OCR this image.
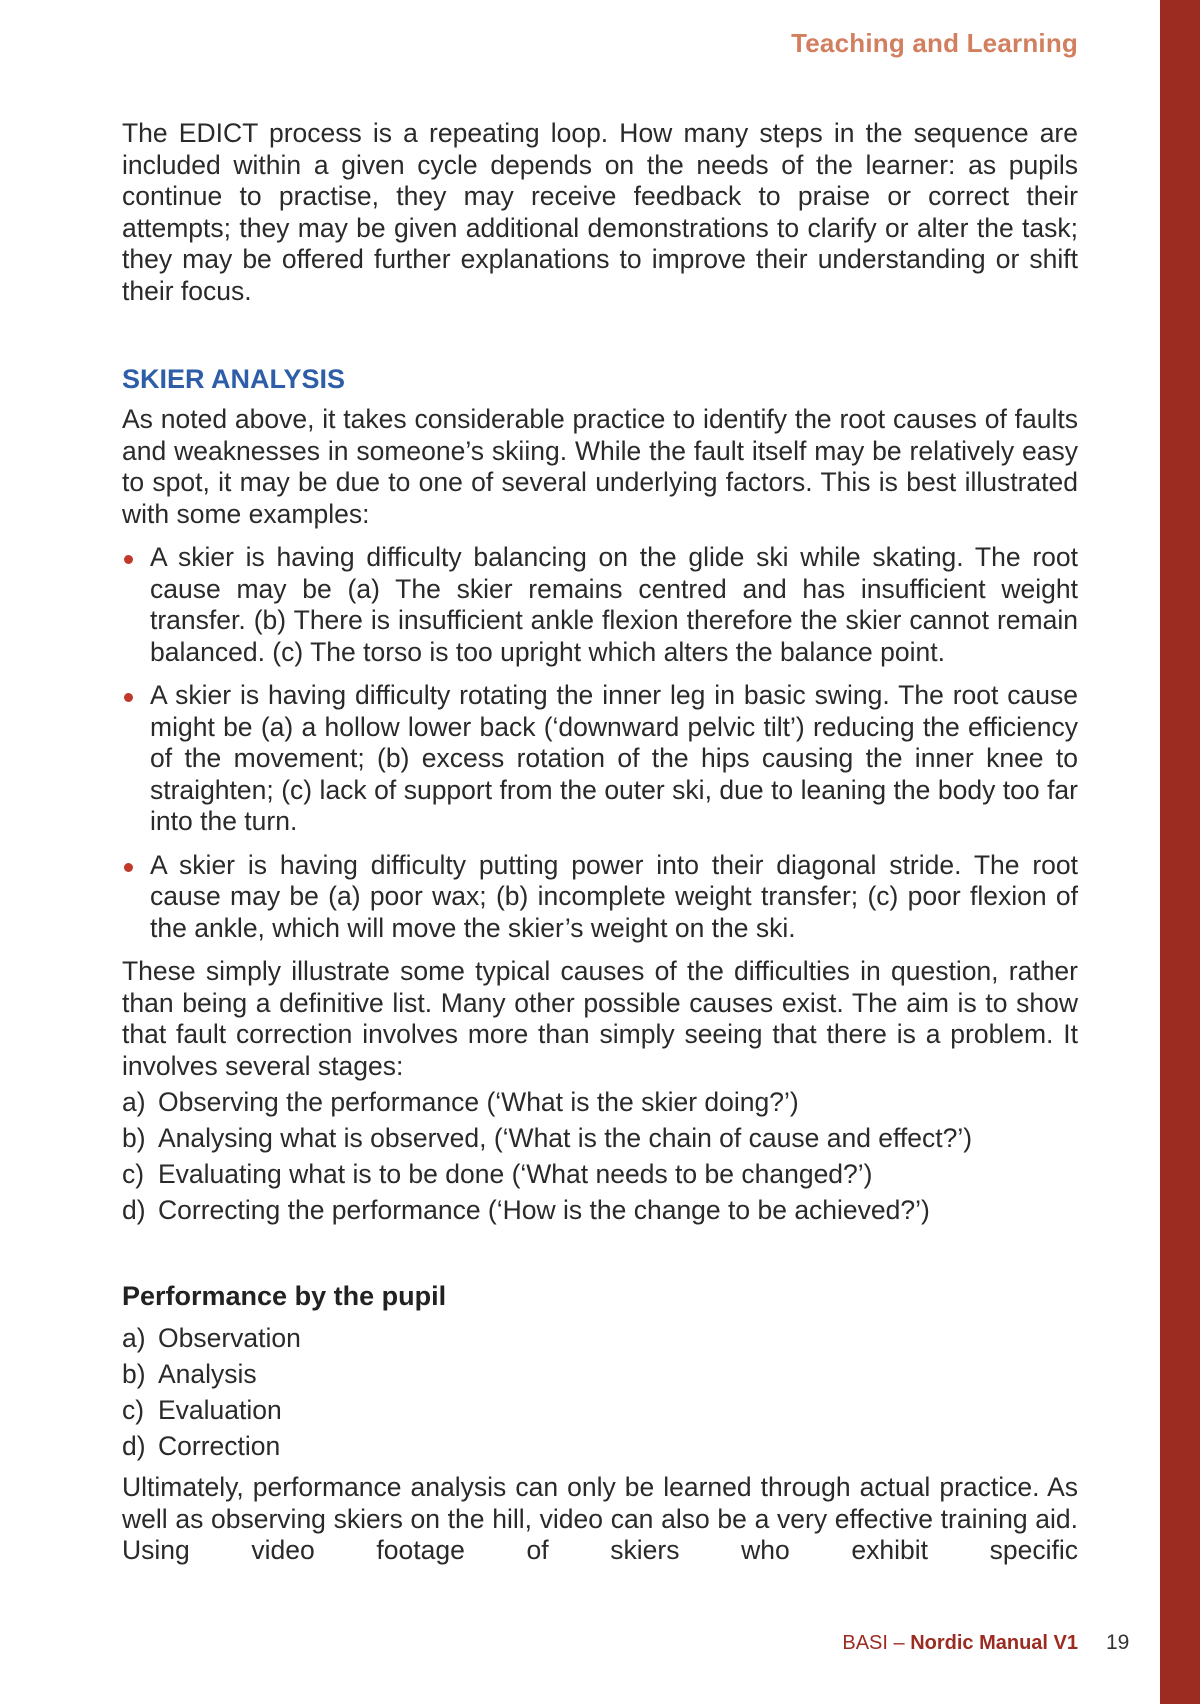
Teaching and Learning

The EDICT process is a repeating loop. How many steps in the sequence are included within a given cycle depends on the needs of the learner: as pupils continue to practise, they may receive feedback to praise or correct their attempts; they may be given additional demonstrations to clarify or alter the task; they may be offered further explanations to improve their understanding or shift their focus.

SKIER ANALYSIS

As noted above, it takes considerable practice to identify the root causes of faults and weaknesses in someone’s skiing. While the fault itself may be relatively easy to spot, it may be due to one of several underlying factors. This is best illustrated with some examples:

A skier is having difficulty balancing on the glide ski while skating. The root cause may be (a) The skier remains centred and has insufficient weight transfer. (b) There is insufficient ankle flexion therefore the skier cannot remain balanced. (c) The torso is too upright which alters the balance point.
A skier is having difficulty rotating the inner leg in basic swing. The root cause might be (a) a hollow lower back (‘downward pelvic tilt’) reducing the efficiency of the movement; (b) excess rotation of the hips causing the inner knee to straighten; (c) lack of support from the outer ski, due to leaning the body too far into the turn.
A skier is having difficulty putting power into their diagonal stride. The root cause may be (a) poor wax; (b) incomplete weight transfer; (c) poor flexion of the ankle, which will move the skier’s weight on the ski.

These simply illustrate some typical causes of the difficulties in question, rather than being a definitive list. Many other possible causes exist. The aim is to show that fault correction involves more than simply seeing that there is a problem. It involves several stages:

a) Observing the performance (‘What is the skier doing?’)
b) Analysing what is observed, (‘What is the chain of cause and effect?’)
c) Evaluating what is to be done (‘What needs to be changed?’)
d) Correcting the performance (‘How is the change to be achieved?’)
Performance by the pupil
a) Observation
b) Analysis
c) Evaluation
d) Correction

Ultimately, performance analysis can only be learned through actual practice. As well as observing skiers on the hill, video can also be a very effective training aid. Using video footage of skiers who exhibit specific

BASI – Nordic Manual V1 19
